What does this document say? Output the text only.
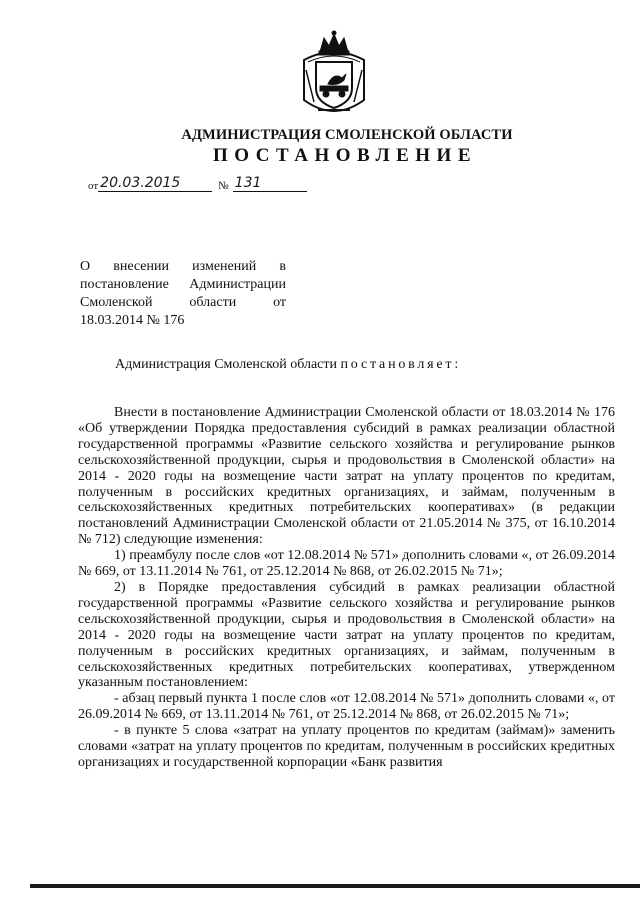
АДМИНИСТРАЦИЯ СМОЛЕНСКОЙ ОБЛАСТИ
ПОСТАНОВЛЕНИЕ
от 20.03.2015	№ 131
О внесении изменений в
постановление Администрации
Смоленской области от
18.03.2014 № 176
Администрация Смоленской области постановляет:

Внести в постановление Администрации Смоленской области от 18.03.2014 № 176 «Об утверждении Порядка предоставления субсидий в рамках реализации областной государственной программы «Развитие сельского хозяйства и регулирование рынков сельскохозяйственной продукции, сырья и продовольствия в Смоленской области» на 2014 - 2020 годы на возмещение части затрат на уплату процентов по кредитам, полученным в российских кредитных организациях, и займам, полученным в сельскохозяйственных кредитных потребительских кооперативах» (в редакции постановлений Администрации Смоленской области от 21.05.2014 № 375, от 16.10.2014 № 712) следующие изменения:

1) преамбулу после слов «от 12.08.2014 № 571» дополнить словами «, от 26.09.2014 № 669, от 13.11.2014 № 761, от 25.12.2014 № 868, от 26.02.2015 № 71»;

2) в Порядке предоставления субсидий в рамках реализации областной государственной программы «Развитие сельского хозяйства и регулирование рынков сельскохозяйственной продукции, сырья и продовольствия в Смоленской области» на 2014 - 2020 годы на возмещение части затрат на уплату процентов по кредитам, полученным в российских кредитных организациях, и займам, полученным в сельскохозяйственных кредитных потребительских кооперативах, утвержденном указанным постановлением:

- абзац первый пункта 1 после слов «от 12.08.2014 № 571» дополнить словами «, от 26.09.2014 № 669, от 13.11.2014 № 761, от 25.12.2014 № 868, от 26.02.2015 № 71»;

- в пункте 5 слова «затрат на уплату процентов по кредитам (займам)» заменить словами «затрат на уплату процентов по кредитам, полученным в российских кредитных организациях и государственной корпорации «Банк развития
